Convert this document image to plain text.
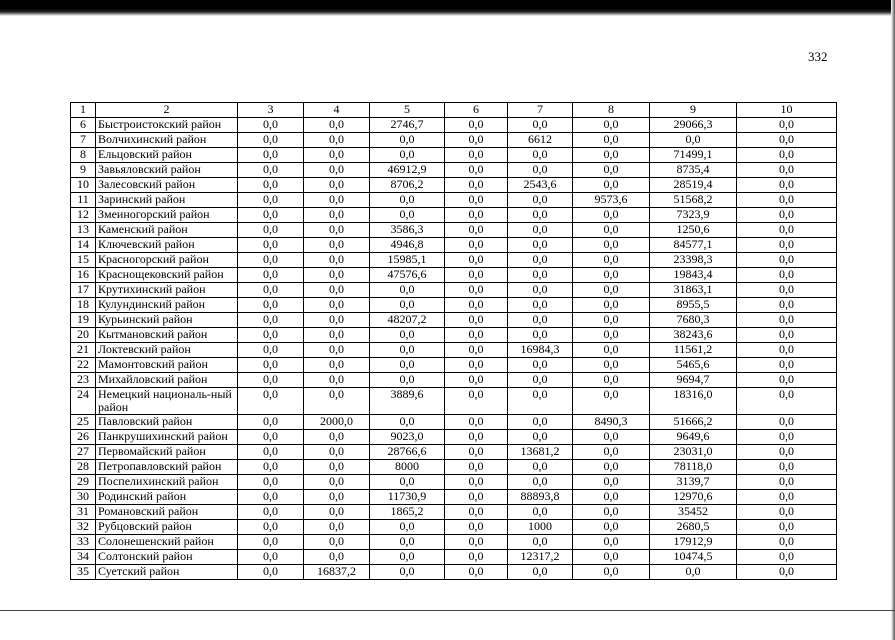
332
1	2	3	4	5	6	7	8	9	10
6	Быстроистокский район	0,0	0,0	2746,7	0,0	0,0	0,0	29066,3	0,0
7	Волчихинский район	0,0	0,0	0,0	0,0	6612	0,0	0,0	0,0
8	Ельцовский район	0,0	0,0	0,0	0,0	0,0	0,0	71499,1	0,0
9	Завьяловский район	0,0	0,0	46912,9	0,0	0,0	0,0	8735,4	0,0
10	Залесовский район	0,0	0,0	8706,2	0,0	2543,6	0,0	28519,4	0,0
11	Заринский район	0,0	0,0	0,0	0,0	0,0	9573,6	51568,2	0,0
12	Змеиногорский район	0,0	0,0	0,0	0,0	0,0	0,0	7323,9	0,0
13	Каменский район	0,0	0,0	3586,3	0,0	0,0	0,0	1250,6	0,0
14	Ключевский район	0,0	0,0	4946,8	0,0	0,0	0,0	84577,1	0,0
15	Красногорский район	0,0	0,0	15985,1	0,0	0,0	0,0	23398,3	0,0
16	Краснощековский район	0,0	0,0	47576,6	0,0	0,0	0,0	19843,4	0,0
17	Крутихинский район	0,0	0,0	0,0	0,0	0,0	0,0	31863,1	0,0
18	Кулундинский район	0,0	0,0	0,0	0,0	0,0	0,0	8955,5	0,0
19	Курьинский район	0,0	0,0	48207,2	0,0	0,0	0,0	7680,3	0,0
20	Кытмановский район	0,0	0,0	0,0	0,0	0,0	0,0	38243,6	0,0
21	Локтевский район	0,0	0,0	0,0	0,0	16984,3	0,0	11561,2	0,0
22	Мамонтовский район	0,0	0,0	0,0	0,0	0,0	0,0	5465,6	0,0
23	Михайловский район	0,0	0,0	0,0	0,0	0,0	0,0	9694,7	0,0
24	Немецкий националь-ный район	0,0	0,0	3889,6	0,0	0,0	0,0	18316,0	0,0
25	Павловский район	0,0	2000,0	0,0	0,0	0,0	8490,3	51666,2	0,0
26	Панкрушихинский район	0,0	0,0	9023,0	0,0	0,0	0,0	9649,6	0,0
27	Первомайский район	0,0	0,0	28766,6	0,0	13681,2	0,0	23031,0	0,0
28	Петропавловский район	0,0	0,0	8000	0,0	0,0	0,0	78118,0	0,0
29	Поспелихинский район	0,0	0,0	0,0	0,0	0,0	0,0	3139,7	0,0
30	Родинский район	0,0	0,0	11730,9	0,0	88893,8	0,0	12970,6	0,0
31	Романовский район	0,0	0,0	1865,2	0,0	0,0	0,0	35452	0,0
32	Рубцовский район	0,0	0,0	0,0	0,0	1000	0,0	2680,5	0,0
33	Солонешенский район	0,0	0,0	0,0	0,0	0,0	0,0	17912,9	0,0
34	Солтонский район	0,0	0,0	0,0	0,0	12317,2	0,0	10474,5	0,0
35	Суетский район	0,0	16837,2	0,0	0,0	0,0	0,0	0,0	0,0
